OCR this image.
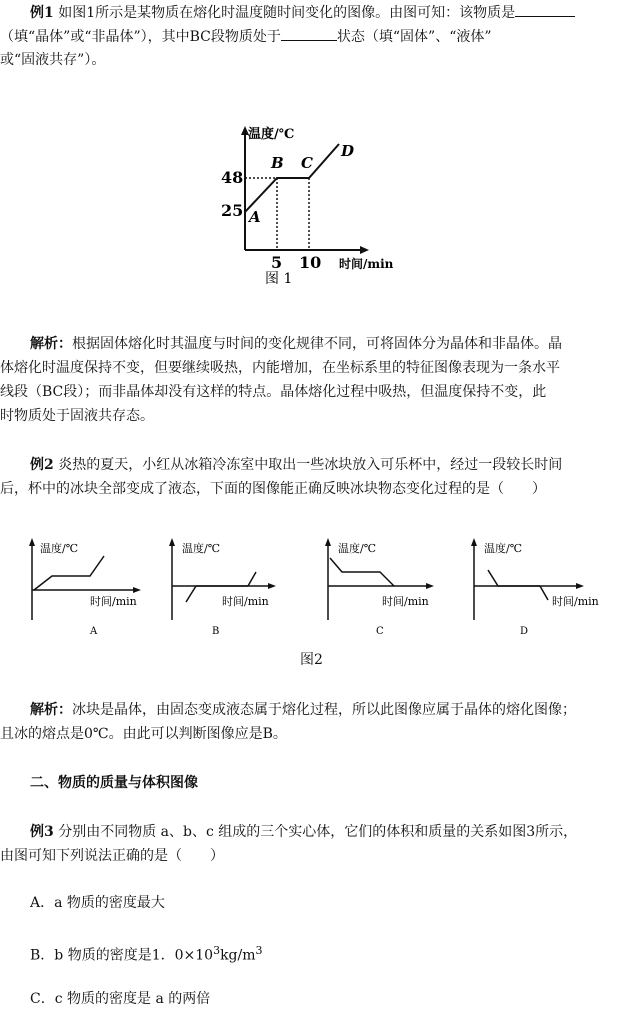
例1 如图1所示是某物质在熔化时温度随时间变化的图像。由图可知：该物质是
（填“晶体”或“非晶体”），其中BC段物质处于	状态（填“固体”、“液体”
或“固液共存”）。
温度/℃
48
25
5 10 时间/min
A
B C
D
图 1
解析：根据固体熔化时其温度与时间的变化规律不同，可将固体分为晶体和非晶体。晶
体熔化时温度保持不变，但要继续吸热，内能增加，在坐标系里的特征图像表现为一条水平
线段（BC段）；而非晶体却没有这样的特点。晶体熔化过程中吸热，但温度保持不变，此
时物质处于固液共存态。
例2 炎热的夏天，小红从冰箱冷冻室中取出一些冰块放入可乐杯中，经过一段较长时间
后，杯中的冰块全部变成了液态，下面的图像能正确反映冰块物态变化过程的是（　　）
温度/℃
时间/min
A
温度/℃
时间/min
B
温度/℃
时间/min
C
温度/℃
时间/min
D
图2
解析：冰块是晶体，由固态变成液态属于熔化过程，所以此图像应属于晶体的熔化图像；
且冰的熔点是0℃。由此可以判断图像应是B。
二、物质的质量与体积图像
例3 分别由不同物质 a、b、c 组成的三个实心体，它们的体积和质量的关系如图3所示，
由图可知下列说法正确的是（　　）
A．a 物质的密度最大
B．b 物质的密度是1．$0\times 10^3kg/m^3$
C．c 物质的密度是 a 的两倍
